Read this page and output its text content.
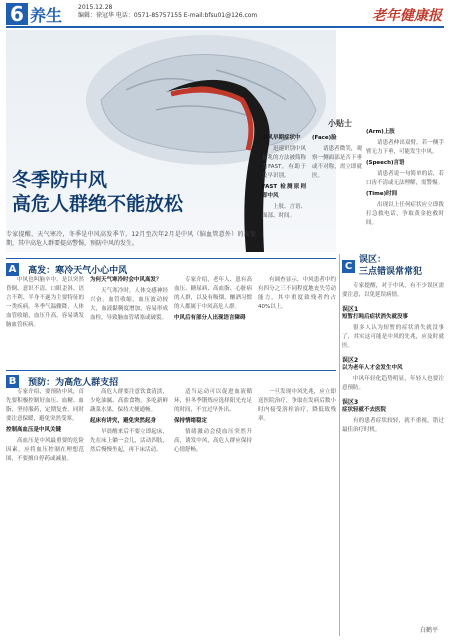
6 养生	2015.12.28
编辑：徐冠华 电话：0571-85757155 E-mail:bfsu01@126.com	老年健康报
冬季防中风
高危人群绝不能放松
小贴士

中风早期症状中

迅速识别中风征兆的方法被简称为FAST，有助于及早识别。

FAST 检测原则即中风

上肢、言语、面部、时间。

(Arm)上肢

请患者伸出双臂，若一侧手臂无力下垂，可能发生中风。

(Speech)言语

请患者说一句简单的话，若口齿不清或无法理解，需警惕。

(Time)时间

出现以上任何症状应立即拨打急救电话，争取黄金抢救时间。

(Face)脸

请患者微笑，观察一侧面部是否下垂或不对称，需立即就医。

专家提醒，天气寒冷，冬季是中风高发季节，12月至次年2月是中风（脑血管意外）的高发期，其中高危人群要提高警惕，预防中风的发生。
A 高发：寒冷天气小心中风

中风也叫脑卒中，是以突然昏倒、意识不清、口眼歪斜、语言不利、半身不遂为主要特征的一类疾病。冬季气温骤降，人体血管收缩，血压升高，容易诱发脑血管疾病。

为何天气寒冷时会中风高发？

天气寒冷时，人体交感神经兴奋，血管收缩，血压波动较大，血液黏稠度增加，容易形成血栓，导致脑血管堵塞或破裂。

专家介绍，老年人、患有高血压、糖尿病、高血脂、心脏病的人群，以及有吸烟、酗酒习惯的人都属于中风高危人群。

中风后有部分人出现语言障碍

有调查显示，中风患者中约有四分之三不同程度地丧失劳动能力，其中重度致残者约占40%以上。

B 预防：为高危人群支招

专家介绍，要预防中风，首先要积极控制好血压、血糖、血脂，坚持服药，定期复查。同时要注意保暖，避免突然受寒。

控制高血压是中风关键

高血压是中风最重要的危险因素，应将血压控制在理想范围，不要擅自停药或减量。

高危人群要注意饮食清淡，少吃油腻、高盐食物，多吃新鲜蔬菜水果，保持大便通畅。

起床有讲究，避免突然起身

早晨醒来后不要立即起床，先在床上躺一会儿，活动四肢，然后慢慢坐起，再下床活动。

适当运动可以促进血液循环，但冬季锻炼应选择阳光充足的时间，不宜过早外出。

保持情绪稳定

情绪激动会使血压突然升高，诱发中风，高危人群应保持心情舒畅。

一旦发现中风先兆，应立即送医院治疗，争取在发病后数小时内接受溶栓治疗，降低致残率。

C
误区：
三点错误常常犯

专家提醒，对于中风，有不少误区需要注意，以免延误病情。

误区1

短暂打盹后症状消失就没事

很多人认为短暂的症状消失就没事了，其实这可能是中风的先兆，应及时就医。

误区2

以为老年人才会发生中风

中风年轻化趋势明显，年轻人也要注意预防。

误区3

症状轻就不去医院

有的患者症状较轻，就不重视，错过最佳治疗时机。

白鹤平
